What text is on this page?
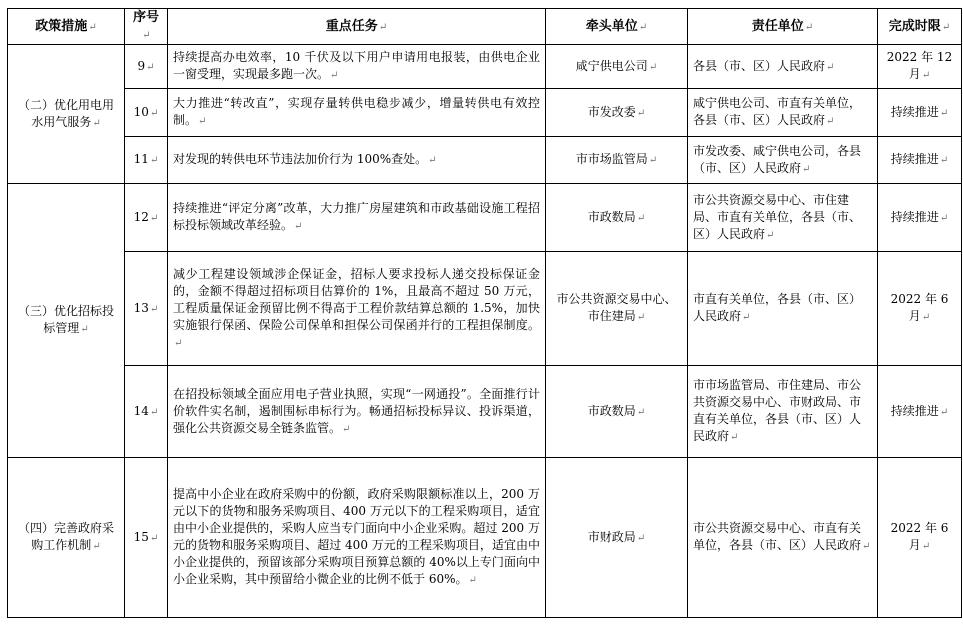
政策措施↵	序号↵	重点任务↵	牵头单位↵	责任单位↵	完成时限↵
（二）优化用电用水用气服务↵	9↵	持续提高办电效率，10 千伏及以下用户申请用电报装，由供电企业一窗受理，实现最多跑一次。↵	咸宁供电公司↵	各县（市、区）人民政府↵	2022 年 12 月↵
	10↵	大力推进“转改直”，实现存量转供电稳步减少，增量转供电有效控制。↵	市发改委↵	咸宁供电公司、市直有关单位，各县（市、区）人民政府↵	持续推进↵
	11↵	对发现的转供电环节违法加价行为 100%查处。↵	市市场监管局↵	市发改委、咸宁供电公司，各县（市、区）人民政府↵	持续推进↵
（三）优化招标投标管理↵	12↵	持续推进“评定分离”改革，大力推广房屋建筑和市政基础设施工程招标投标领域改革经验。↵	市政数局↵	市公共资源交易中心、市住建局、市直有关单位，各县（市、区）人民政府↵	持续推进↵
	13↵	减少工程建设领域涉企保证金，招标人要求投标人递交投标保证金的，金额不得超过招标项目估算价的 1%，且最高不超过 50 万元，工程质量保证金预留比例不得高于工程价款结算总额的 1.5%，加快实施银行保函、保险公司保单和担保公司保函并行的工程担保制度。↵	市公共资源交易中心、市住建局↵	市直有关单位，各县（市、区）人民政府↵	2022 年 6 月↵
	14↵	在招投标领域全面应用电子营业执照，实现“一网通投”。全面推行计价软件实名制，遏制围标串标行为。畅通招标投标异议、投诉渠道，强化公共资源交易全链条监管。↵	市政数局↵	市市场监管局、市住建局、市公共资源交易中心、市财政局、市直有关单位，各县（市、区）人民政府↵	持续推进↵
（四）完善政府采购工作机制↵	15↵	提高中小企业在政府采购中的份额，政府采购限额标准以上，200 万元以下的货物和服务采购项目、400 万元以下的工程采购项目，适宜由中小企业提供的，采购人应当专门面向中小企业采购。超过 200 万元的货物和服务采购项目、超过 400 万元的工程采购项目，适宜由中小企业提供的，预留该部分采购项目预算总额的 40%以上专门面向中小企业采购，其中预留给小微企业的比例不低于 60%。↵	市财政局↵	市公共资源交易中心、市直有关单位，各县（市、区）人民政府↵	2022 年 6 月↵
